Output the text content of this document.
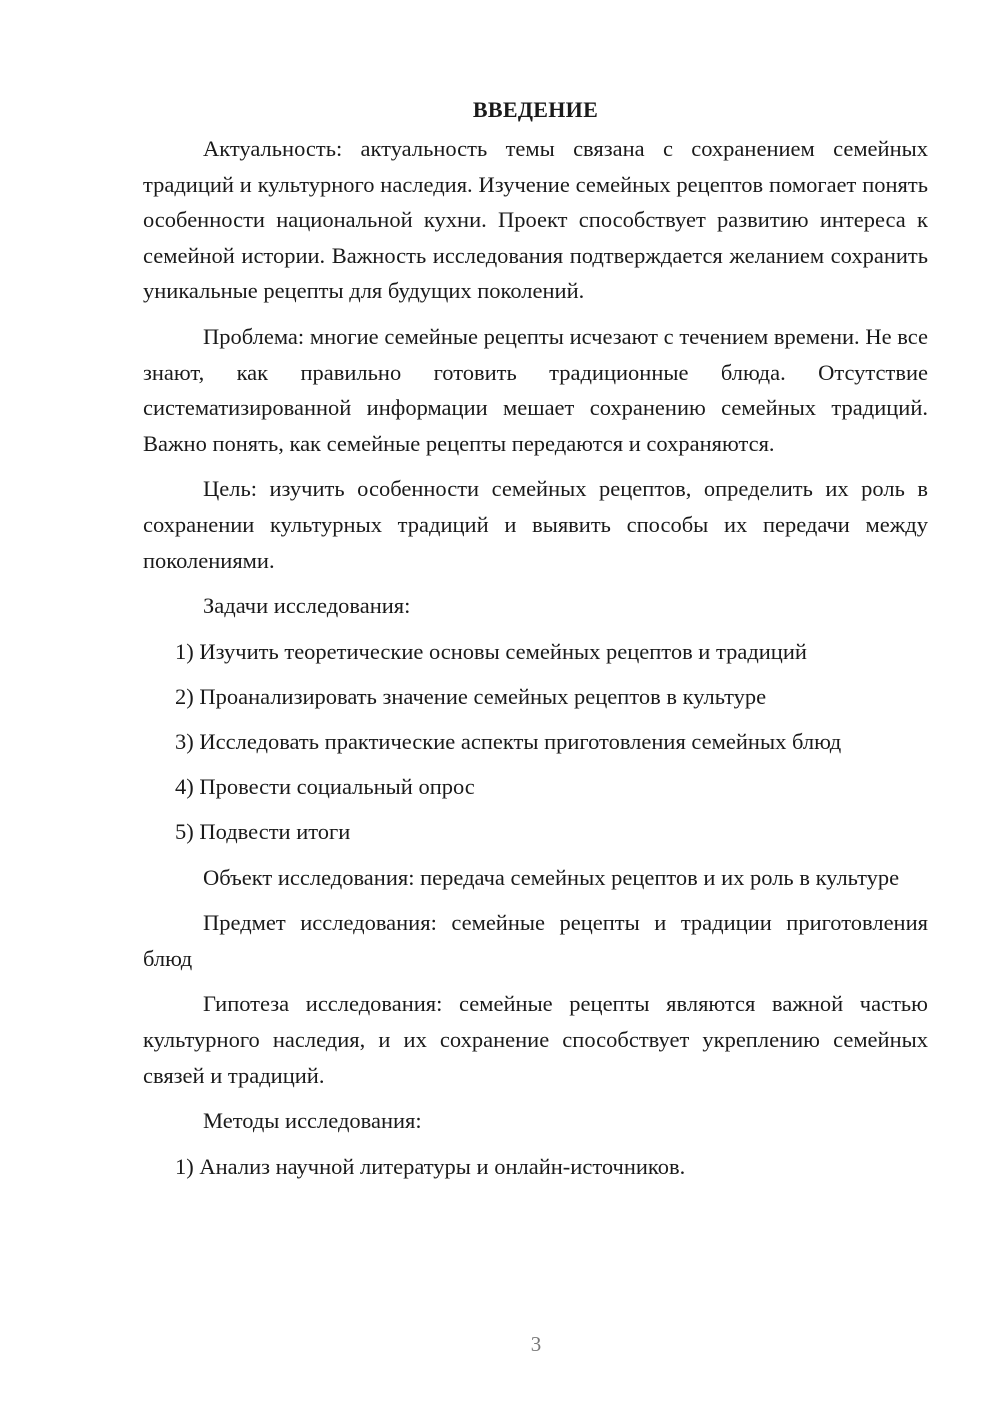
ВВЕДЕНИЕ

Актуальность: актуальность темы связана с сохранением семейных традиций и культурного наследия. Изучение семейных рецептов помогает понять особенности национальной кухни. Проект способствует развитию интереса к семейной истории. Важность исследования подтверждается желанием сохранить уникальные рецепты для будущих поколений.

Проблема: многие семейные рецепты исчезают с течением времени. Не все знают, как правильно готовить традиционные блюда. Отсутствие систематизированной информации мешает сохранению семейных традиций. Важно понять, как семейные рецепты передаются и сохраняются.

Цель: изучить особенности семейных рецептов, определить их роль в сохранении культурных традиций и выявить способы их передачи между поколениями.

Задачи исследования:
1) Изучить теоретические основы семейных рецептов и традиций
2) Проанализировать значение семейных рецептов в культуре
3) Исследовать практические аспекты приготовления семейных блюд
4) Провести социальный опрос
5) Подвести итоги

Объект исследования: передача семейных рецептов и их роль в культуре

Предмет исследования: семейные рецепты и традиции приготовления блюд

Гипотеза исследования: семейные рецепты являются важной частью культурного наследия, и их сохранение способствует укреплению семейных связей и традиций.

Методы исследования:
1) Анализ научной литературы и онлайн-источников.
3
